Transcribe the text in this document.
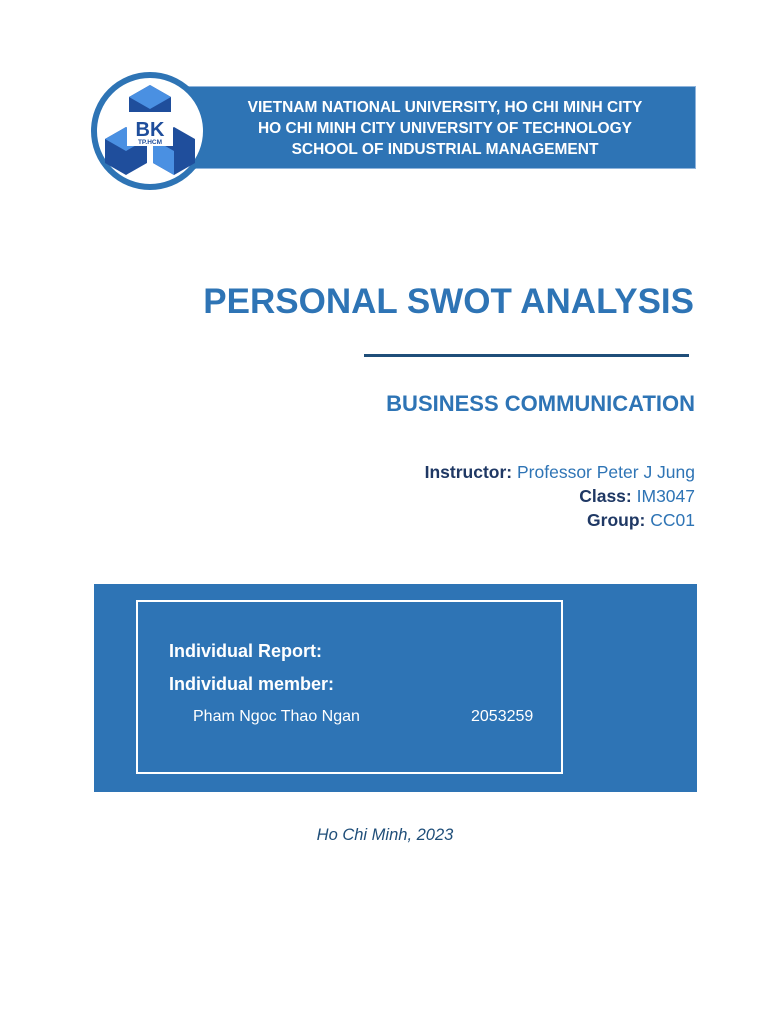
VIETNAM NATIONAL UNIVERSITY, HO CHI MINH CITY
HO CHI MINH CITY UNIVERSITY OF TECHNOLOGY
SCHOOL OF INDUSTRIAL MANAGEMENT
BK
TP.HCM
PERSONAL SWOT ANALYSIS
BUSINESS COMMUNICATION
Instructor: Professor Peter J Jung
Class: IM3047
Group: CC01
Individual Report:
Individual member:
Pham Ngoc Thao Ngan	2053259
Ho Chi Minh, 2023
